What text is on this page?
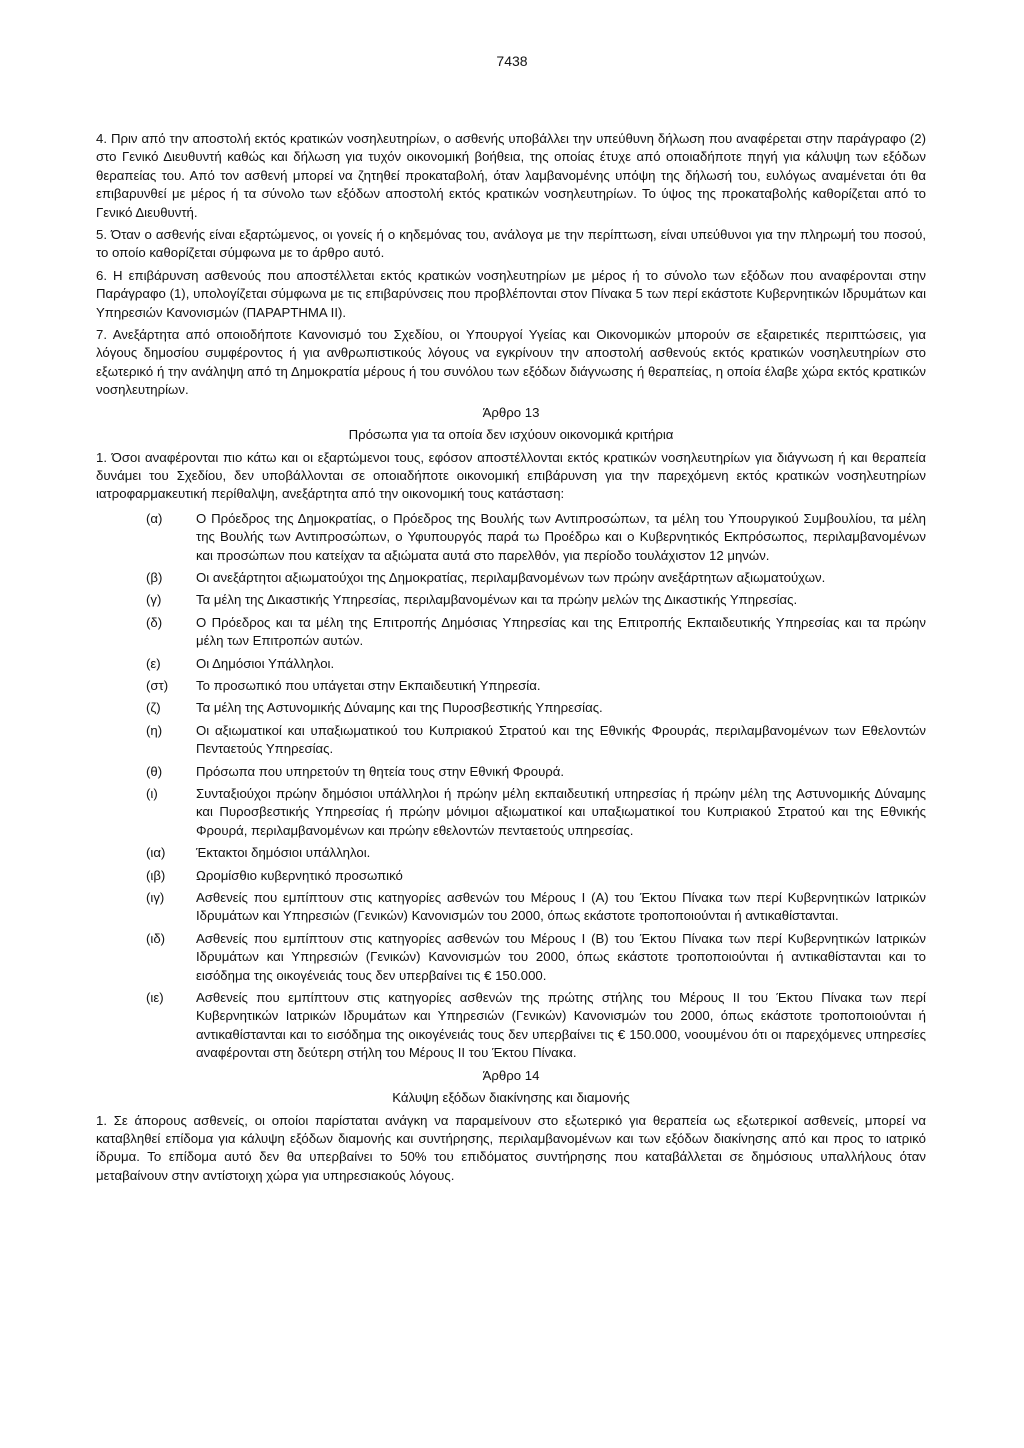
7438

4. Πριν από την αποστολή εκτός κρατικών νοσηλευτηρίων, ο ασθενής υποβάλλει την υπεύθυνη δήλωση που αναφέρεται στην παράγραφο (2) στο Γενικό Διευθυντή καθώς και δήλωση για τυχόν οικονομική βοήθεια, της οποίας έτυχε από οποιαδήποτε πηγή για κάλυψη των εξόδων θεραπείας του. Από τον ασθενή μπορεί να ζητηθεί προκαταβολή, όταν λαμβανομένης υπόψη της δήλωσή του, ευλόγως αναμένεται ότι θα επιβαρυνθεί με μέρος ή τα σύνολο των εξόδων αποστολή εκτός κρατικών νοσηλευτηρίων. Το ύψος της προκαταβολής καθορίζεται από το Γενικό Διευθυντή.

5. Όταν ο ασθενής είναι εξαρτώμενος, οι γονείς ή ο κηδεμόνας του, ανάλογα με την περίπτωση, είναι υπεύθυνοι για την πληρωμή του ποσού, το οποίο καθορίζεται σύμφωνα με το άρθρο αυτό.

6. Η επιβάρυνση ασθενούς που αποστέλλεται εκτός κρατικών νοσηλευτηρίων με μέρος ή το σύνολο των εξόδων που αναφέρονται στην Παράγραφο (1), υπολογίζεται σύμφωνα με τις επιβαρύνσεις που προβλέπονται στον Πίνακα 5 των περί εκάστοτε Κυβερνητικών Ιδρυμάτων και Υπηρεσιών Κανονισμών (ΠΑΡΑΡΤΗΜΑ II).

7. Ανεξάρτητα από οποιοδήποτε Κανονισμό του Σχεδίου, οι Υπουργοί Υγείας και Οικονομικών μπορούν σε εξαιρετικές περιπτώσεις, για λόγους δημοσίου συμφέροντος ή για ανθρωπιστικούς λόγους να εγκρίνουν την αποστολή ασθενούς εκτός κρατικών νοσηλευτηρίων στο εξωτερικό ή την ανάληψη από τη Δημοκρατία μέρους ή του συνόλου των εξόδων διάγνωσης ή θεραπείας, η οποία έλαβε χώρα εκτός κρατικών νοσηλευτηρίων.

Άρθρο 13
Πρόσωπα για τα οποία δεν ισχύουν οικονομικά κριτήρια

1. Όσοι αναφέρονται πιο κάτω και οι εξαρτώμενοι τους, εφόσον αποστέλλονται εκτός κρατικών νοσηλευτηρίων για διάγνωση ή και θεραπεία δυνάμει του Σχεδίου, δεν υποβάλλονται σε οποιαδήποτε οικονομική επιβάρυνση για την παρεχόμενη εκτός κρατικών νοσηλευτηρίων ιατροφαρμακευτική περίθαλψη, ανεξάρτητα από την οικονομική τους κατάσταση:

(α)	Ο Πρόεδρος της Δημοκρατίας, ο Πρόεδρος της Βουλής των Αντιπροσώπων, τα μέλη του Υπουργικού Συμβουλίου, τα μέλη της Βουλής των Αντιπροσώπων, ο Υφυπουργός παρά τω Προέδρω και ο Κυβερνητικός Εκπρόσωπος, περιλαμβανομένων και προσώπων που κατείχαν τα αξιώματα αυτά στο παρελθόν, για περίοδο τουλάχιστον 12 μηνών.
(β)	Οι ανεξάρτητοι αξιωματούχοι της Δημοκρατίας, περιλαμβανομένων των πρώην ανεξάρτητων αξιωματούχων.
(γ)	Τα μέλη της Δικαστικής Υπηρεσίας, περιλαμβανομένων και τα πρώην μελών της Δικαστικής Υπηρεσίας.
(δ)	Ο Πρόεδρος και τα μέλη της Επιτροπής Δημόσιας Υπηρεσίας και της Επιτροπής Εκπαιδευτικής Υπηρεσίας και τα πρώην μέλη των Επιτροπών αυτών.
(ε)	Οι Δημόσιοι Υπάλληλοι.
(στ)	Το προσωπικό που υπάγεται στην Εκπαιδευτική Υπηρεσία.
(ζ)	Τα μέλη της Αστυνομικής Δύναμης και της Πυροσβεστικής Υπηρεσίας.
(η)	Οι αξιωματικοί και υπαξιωματικού του Κυπριακού Στρατού και της Εθνικής Φρουράς, περιλαμβανομένων των Εθελοντών Πενταετούς Υπηρεσίας.
(θ)	Πρόσωπα που υπηρετούν τη θητεία τους στην Εθνική Φρουρά.
(ι)	Συνταξιούχοι πρώην δημόσιοι υπάλληλοι ή πρώην μέλη εκπαιδευτική υπηρεσίας ή πρώην μέλη της Αστυνομικής Δύναμης και Πυροσβεστικής Υπηρεσίας ή πρώην μόνιμοι αξιωματικοί και υπαξιωματικοί του Κυπριακού Στρατού και της Εθνικής Φρουρά, περιλαμβανομένων και πρώην εθελοντών πενταετούς υπηρεσίας.
(ια)	Έκτακτοι δημόσιοι υπάλληλοι.
(ιβ)	Ωρομίσθιο κυβερνητικό προσωπικό
(ιγ)	Ασθενείς που εμπίπτουν στις κατηγορίες ασθενών του Μέρους Ι (Α) του Έκτου Πίνακα των περί Κυβερνητικών Ιατρικών Ιδρυμάτων και Υπηρεσιών (Γενικών) Κανονισμών του 2000, όπως εκάστοτε τροποποιούνται ή αντικαθίστανται.
(ιδ)	Ασθενείς που εμπίπτουν στις κατηγορίες ασθενών του Μέρους Ι (Β) του Έκτου Πίνακα των περί Κυβερνητικών Ιατρικών Ιδρυμάτων και Υπηρεσιών (Γενικών) Κανονισμών του 2000, όπως εκάστοτε τροποποιούνται ή αντικαθίστανται και το εισόδημα της οικογένειάς τους δεν υπερβαίνει τις € 150.000.
(ιε)	Ασθενείς που εμπίπτουν στις κατηγορίες ασθενών της πρώτης στήλης του Μέρους ΙΙ του Έκτου Πίνακα των περί Κυβερνητικών Ιατρικών Ιδρυμάτων και Υπηρεσιών (Γενικών) Κανονισμών του 2000, όπως εκάστοτε τροποποιούνται ή αντικαθίστανται και το εισόδημα της οικογένειάς τους δεν υπερβαίνει τις € 150.000, νοουμένου ότι οι παρεχόμενες υπηρεσίες αναφέρονται στη δεύτερη στήλη του Μέρους ΙΙ του Έκτου Πίνακα.
Άρθρο 14
Κάλυψη εξόδων διακίνησης και διαμονής

1. Σε άπορους ασθενείς, οι οποίοι παρίσταται ανάγκη να παραμείνουν στο εξωτερικό για θεραπεία ως εξωτερικοί ασθενείς, μπορεί να καταβληθεί επίδομα για κάλυψη εξόδων διαμονής και συντήρησης, περιλαμβανομένων και των εξόδων διακίνησης από και προς το ιατρικό ίδρυμα. Το επίδομα αυτό δεν θα υπερβαίνει το 50% του επιδόματος συντήρησης που καταβάλλεται σε δημόσιους υπαλλήλους όταν μεταβαίνουν στην αντίστοιχη χώρα για υπηρεσιακούς λόγους.
